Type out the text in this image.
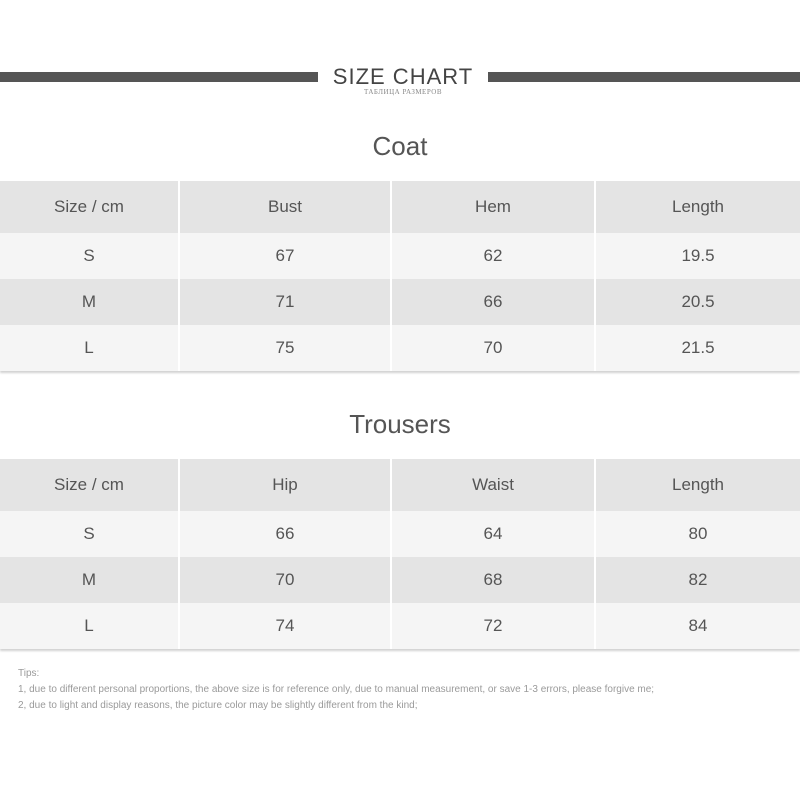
SIZE CHART
ТАБЛИЦА РАЗМЕРОВ
Coat
Size / cm	Bust	Hem	Length
S	67	62	19.5
M	71	66	20.5
L	75	70	21.5
Trousers
Size / cm	Hip	Waist	Length
S	66	64	80
M	70	68	82
L	74	72	84
Tips:
1, due to different personal proportions, the above size is for reference only, due to manual measurement, or save 1-3 errors, please forgive me;
2, due to light and display reasons, the picture color may be slightly different from the kind;
